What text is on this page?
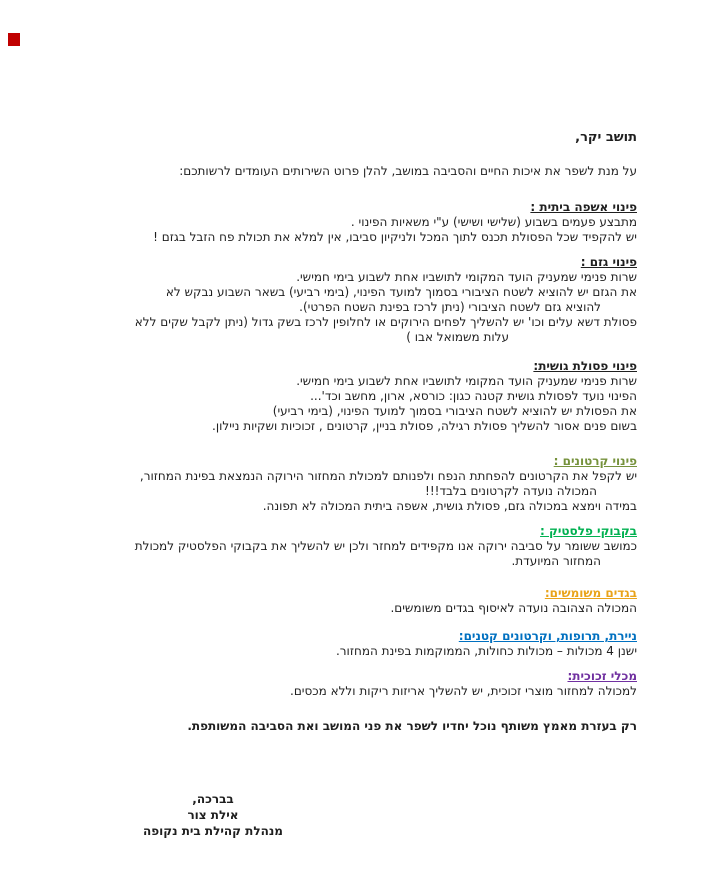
תושב יקר,
על מנת לשפר את איכות החיים והסביבה במושב, להלן פרוט השירותים העומדים לרשותכם:
פינוי אשפה ביתית :
מתבצע פעמים בשבוע (שלישי ושישי) ע"י משאיות הפינוי .
יש להקפיד שכל הפסולת תכנס לתוך המכל ולניקיון סביבו, אין למלא את תכולת פח הזבל בגזם !
פינוי גזם :
שרות פנימי שמעניק הועד המקומי לתושביו אחת לשבוע בימי חמישי.
את הגזם יש להוציא לשטח הציבורי בסמוך למועד הפינוי, (בימי רביעי) בשאר השבוע נבקש לא
להוציא גזם לשטח הציבורי (ניתן לרכז בפינת השטח הפרטי).
פסולת דשא עלים וכו' יש להשליך לפחים הירוקים או לחלופין לרכז בשק גדול (ניתן לקבל שקים ללא
עלות משמואל אבו )
פינוי פסולת גושית:
שרות פנימי שמעניק הועד המקומי לתושביו אחת לשבוע בימי חמישי.
הפינוי נועד לפסולת גושית קטנה כגון: כורסא, ארון, מחשב וכד'...
את הפסולת יש להוציא לשטח הציבורי בסמוך למועד הפינוי, (בימי רביעי)
בשום פנים אסור להשליך פסולת רגילה, פסולת בניין, קרטונים , זכוכיות ושקיות ניילון.
פינוי קרטונים :
יש לקפל את הקרטונים להפחתת הנפח ולפנותם למכולת המחזור הירוקה הנמצאת בפינת המחזור,
המכולה נועדה לקרטונים בלבד!!!
במידה וימצא במכולה גזם, פסולת גושית, אשפה ביתית המכולה לא תפונה.
בקבוקי פלסטיק :
כמושב ששומר על סביבה ירוקה אנו מקפידים למחזר ולכן יש להשליך את בקבוקי הפלסטיק למכולת
המחזור המיועדת.
בגדים משומשים:
המכולה הצהובה נועדה לאיסוף בגדים משומשים.
ניירת, תרופות, וקרטונים קטנים:
ישנן 4 מכולות – מכולות כחולות, הממוקמות בפינת המחזור.
מכלי זכוכית:
למכולה למחזור מוצרי זכוכית, יש להשליך אריזות ריקות וללא מכסים.
רק בעזרת מאמץ משותף נוכל יחדיו לשפר את פני המושב ואת הסביבה המשותפת.
בברכה,
אילת צור
מנהלת קהילת בית נקופה
